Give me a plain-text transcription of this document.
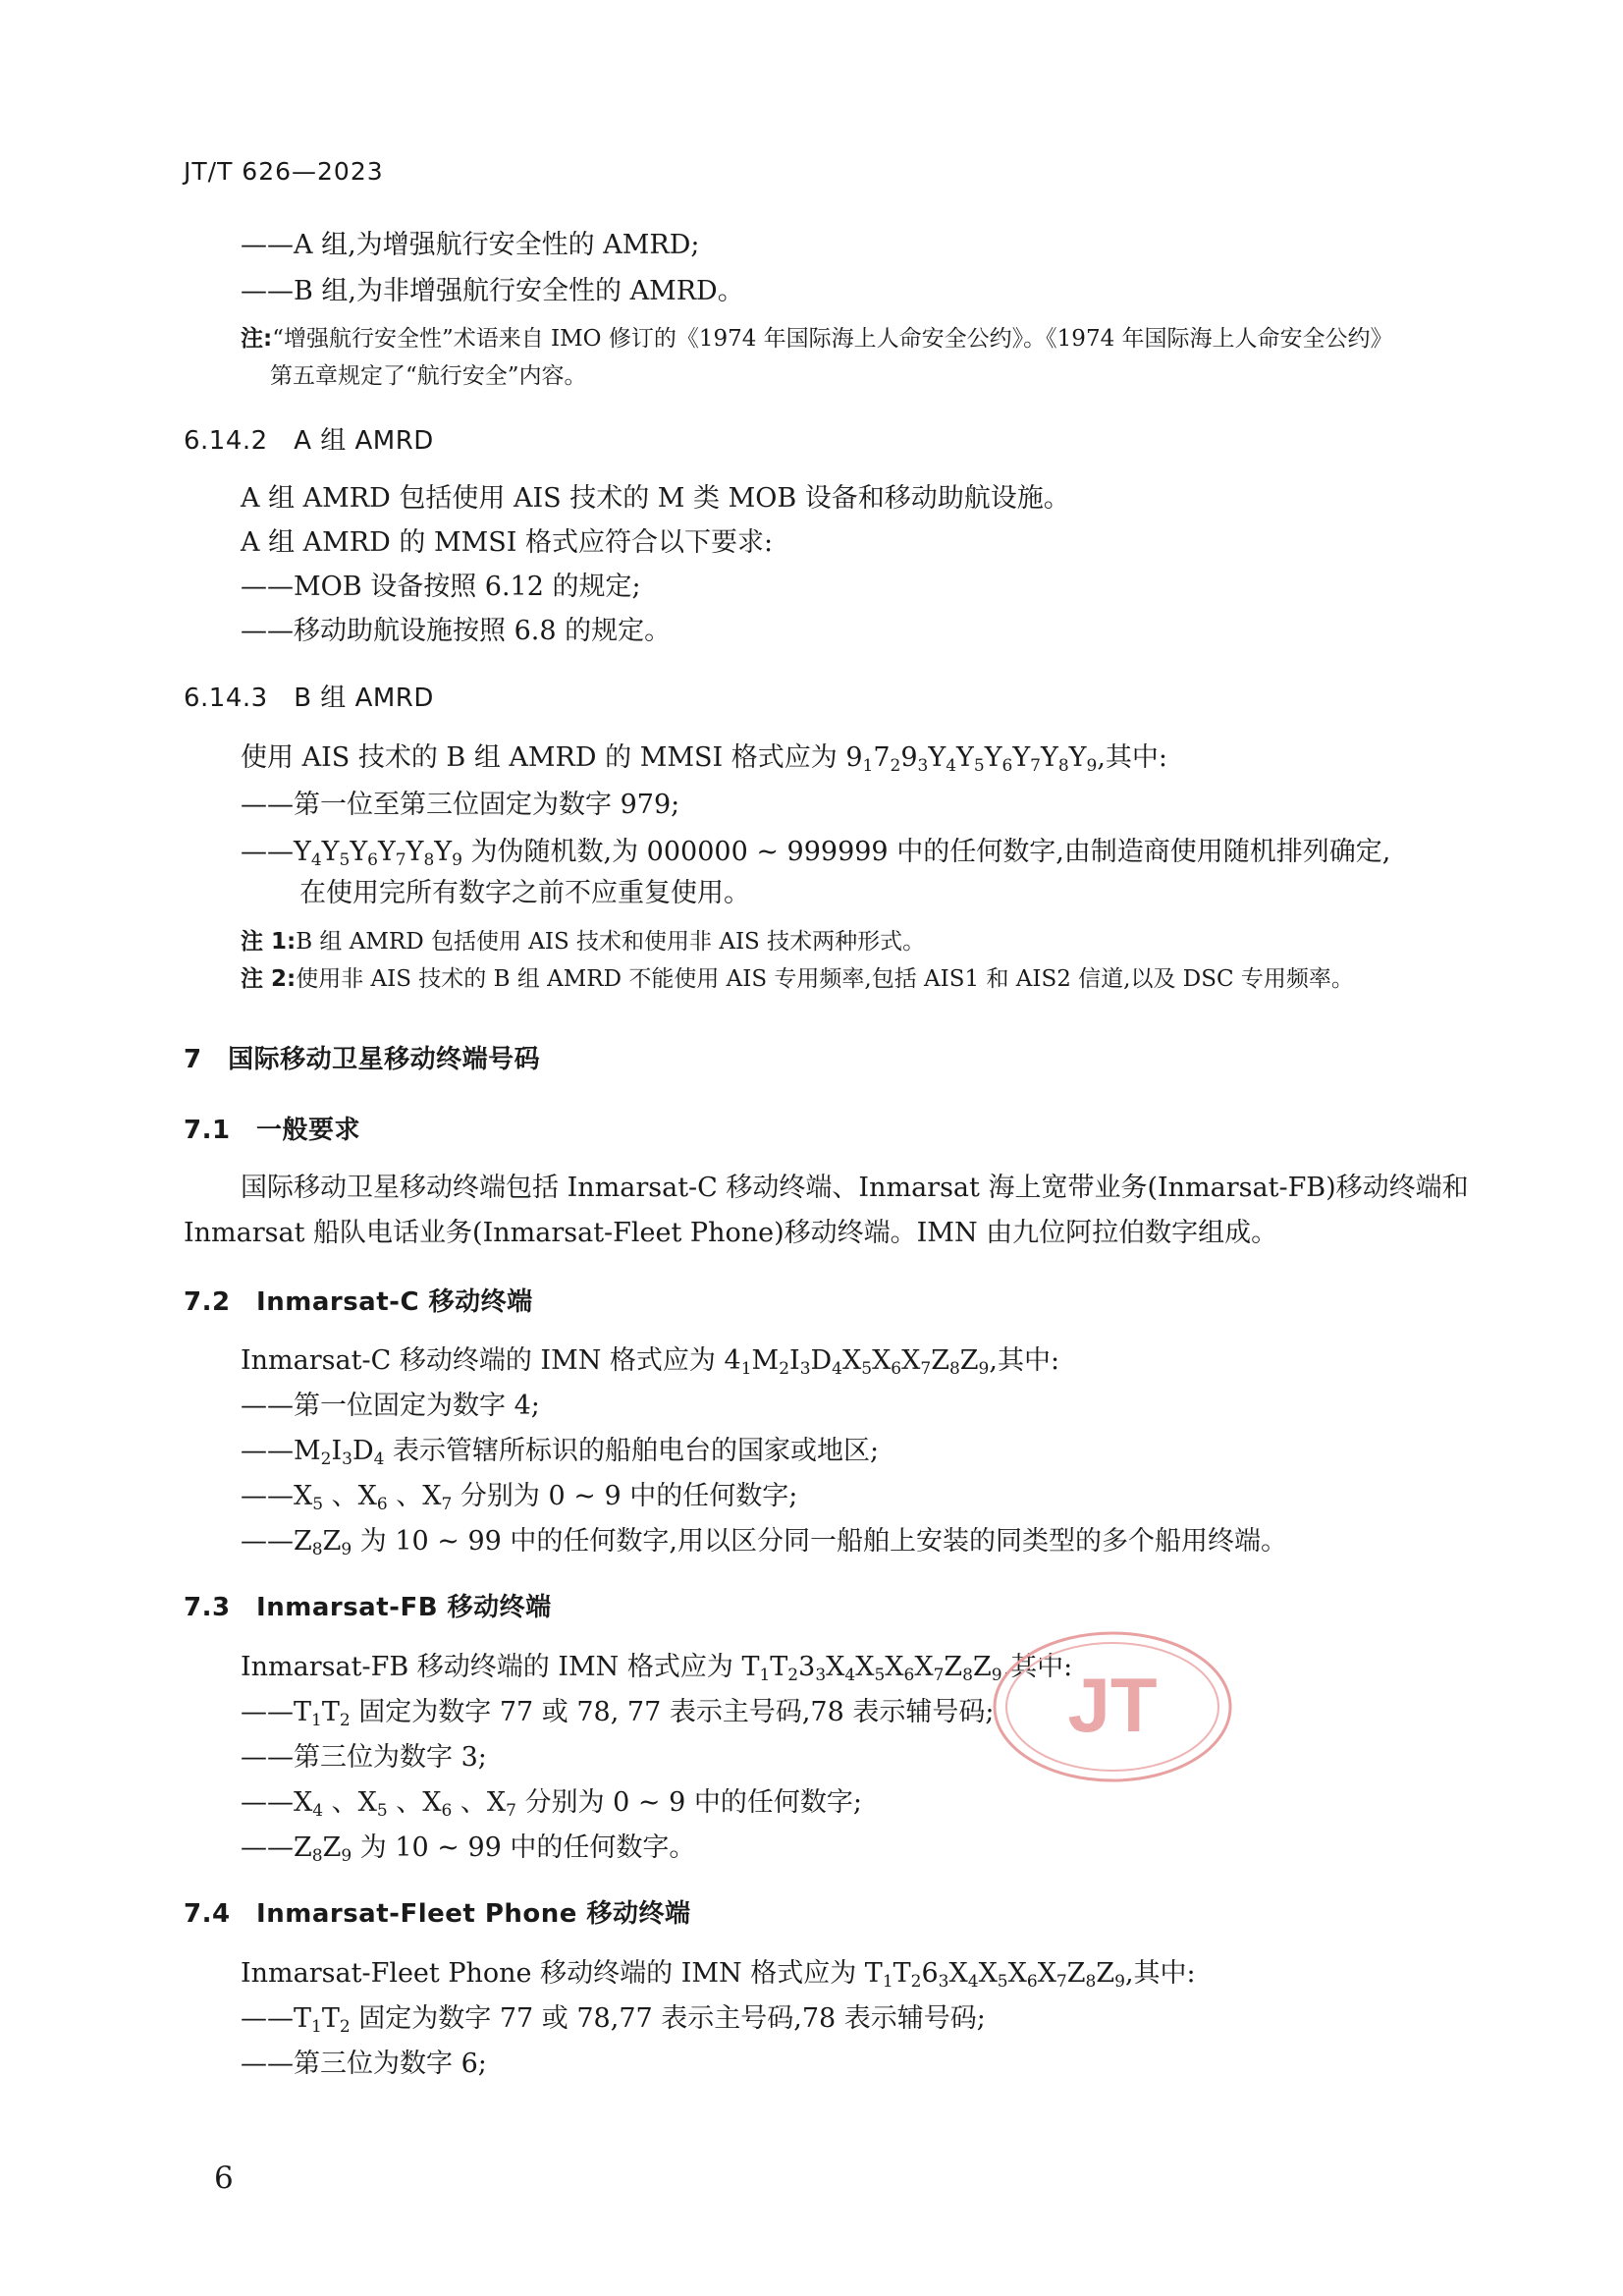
JT/T 626—2023
——A 组,为增强航行安全性的 AMRD;
——B 组,为非增强航行安全性的 AMRD。
注:“增强航行安全性”术语来自 IMO 修订的《1974 年国际海上人命安全公约》。《1974 年国际海上人命安全公约》
第五章规定了“航行安全”内容。
6.14.2　A 组 AMRD
A 组 AMRD 包括使用 AIS 技术的 M 类 MOB 设备和移动助航设施。
A 组 AMRD 的 MMSI 格式应符合以下要求:
——MOB 设备按照 6.12 的规定;
——移动助航设施按照 6.8 的规定。
6.14.3　B 组 AMRD
使用 AIS 技术的 B 组 AMRD 的 MMSI 格式应为 $9_17_29_3Y_4Y_5Y_6Y_7Y_8Y_9$,其中:
——第一位至第三位固定为数字 979;
$——Y_4Y_5Y_6Y_7Y_8Y_9$ 为伪随机数,为 000000 ~ 999999 中的任何数字,由制造商使用随机排列确定,
在使用完所有数字之前不应重复使用。
注 1:B 组 AMRD 包括使用 AIS 技术和使用非 AIS 技术两种形式。
注 2:使用非 AIS 技术的 B 组 AMRD 不能使用 AIS 专用频率,包括 AIS1 和 AIS2 信道,以及 DSC 专用频率。
7　国际移动卫星移动终端号码
7.1　一般要求
国际移动卫星移动终端包括 Inmarsat-C 移动终端、Inmarsat 海上宽带业务(Inmarsat-FB)移动终端和
Inmarsat 船队电话业务(Inmarsat-Fleet Phone)移动终端。IMN 由九位阿拉伯数字组成。
7.2　Inmarsat-C 移动终端
Inmarsat-C 移动终端的 IMN 格式应为 $4_1M_2I_3D_4X_5X_6X_7Z_8Z_9$,其中:
——第一位固定为数字 4;
$——M_2I_3D_4$ 表示管辖所标识的船舶电台的国家或地区;
$——X_5$ 、$X_6$ 、$X_7$ 分别为 0 ~ 9 中的任何数字;
$——Z_8Z_9$ 为 10 ~ 99 中的任何数字,用以区分同一船舶上安装的同类型的多个船用终端。
7.3　Inmarsat-FB 移动终端
Inmarsat-FB 移动终端的 IMN 格式应为 $T_1T_23_3X_4X_5X_6X_7Z_8Z_9$,其中:
$——T_1T_2$ 固定为数字 77 或 78, 77 表示主号码,78 表示辅号码;
——第三位为数字 3;
$——X_4$ 、$X_5$ 、$X_6$ 、$X_7$ 分别为 0 ~ 9 中的任何数字;
$——Z_8Z_9$ 为 10 ~ 99 中的任何数字。
7.4　Inmarsat-Fleet Phone 移动终端
Inmarsat-Fleet Phone 移动终端的 IMN 格式应为 $T_1T_26_3X_4X_5X_6X_7Z_8Z_9$,其中:
$——T_1T_2$ 固定为数字 77 或 78,77 表示主号码,78 表示辅号码;
——第三位为数字 6;
JT
6
